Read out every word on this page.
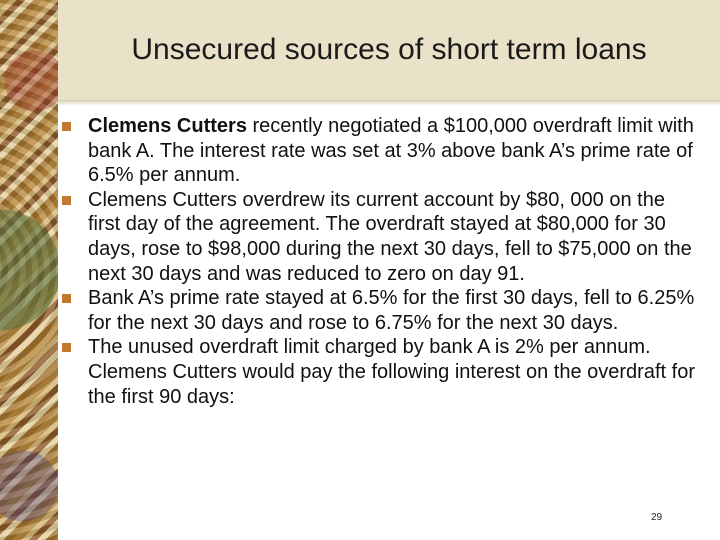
Unsecured sources of short term loans
Clemens Cutters recently negotiated a $100,000 overdraft limit with bank A. The interest rate was set at 3% above bank A’s prime rate of 6.5% per annum.
Clemens Cutters overdrew its current account by $80, 000 on the first day of the agreement. The overdraft stayed at $80,000 for 30 days, rose to $98,000 during the next 30 days, fell to $75,000 on the next 30 days and was reduced to zero on day 91.
Bank A’s prime rate stayed at 6.5% for the first 30 days, fell to 6.25% for the next 30 days and rose to 6.75% for the next 30 days.
The unused overdraft limit charged by bank A is 2% per annum. Clemens Cutters would pay the following interest on the overdraft for the first 90 days:
29
